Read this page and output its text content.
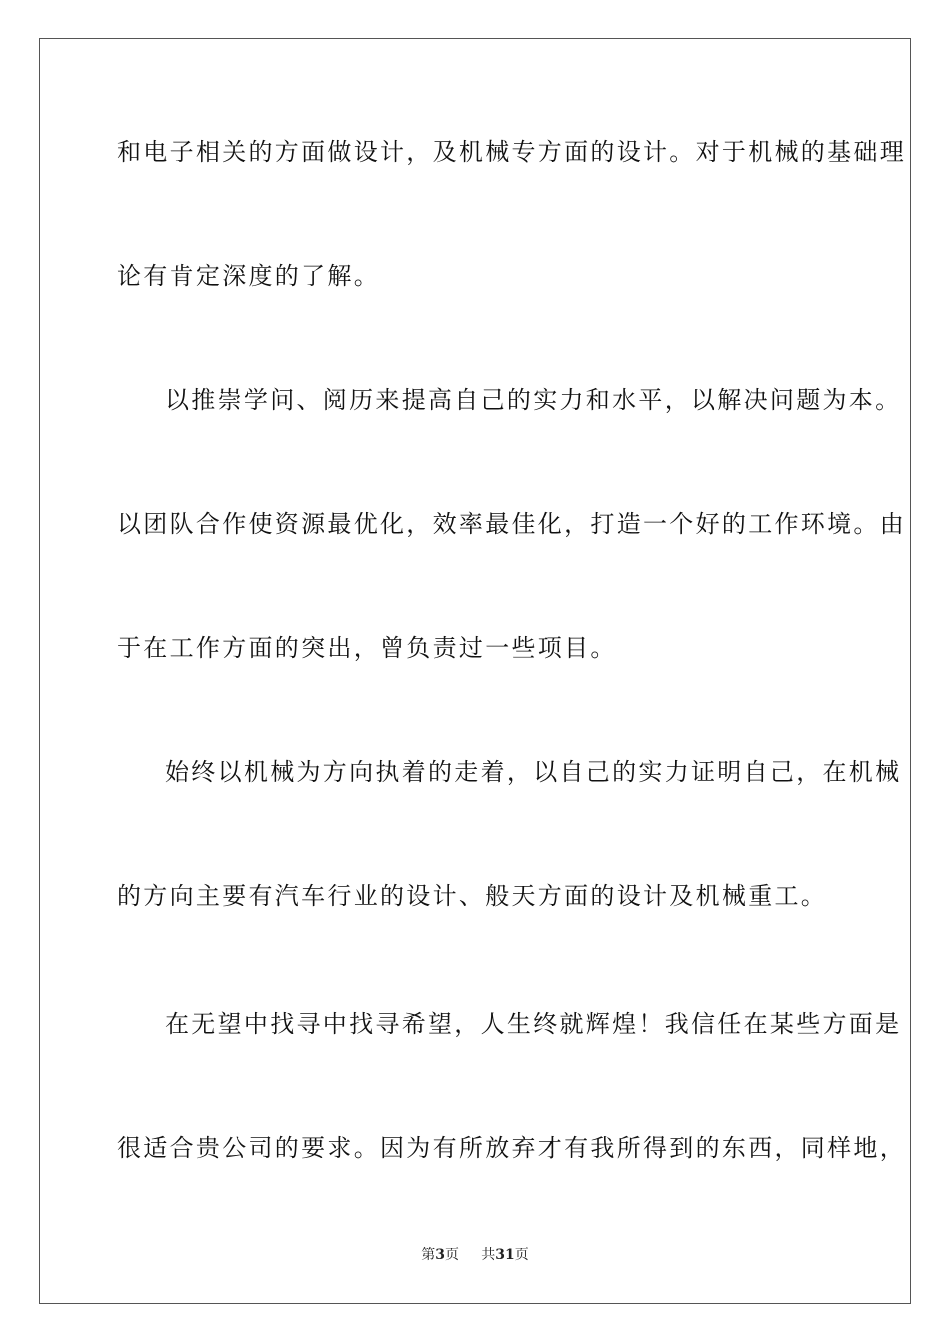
和电子相关的方面做设计，及机械专方面的设计。对于机械的基础理
论有肯定深度的了解。
以推崇学问、阅历来提高自己的实力和水平，以解决问题为本。
以团队合作使资源最优化，效率最佳化，打造一个好的工作环境。由
于在工作方面的突出，曾负责过一些项目。
始终以机械为方向执着的走着，以自己的实力证明自己，在机械
的方向主要有汽车行业的设计、般天方面的设计及机械重工。
在无望中找寻中找寻希望，人生终就辉煌！我信任在某些方面是
很适合贵公司的要求。因为有所放弃才有我所得到的东西，同样地，
第3页 共31页
